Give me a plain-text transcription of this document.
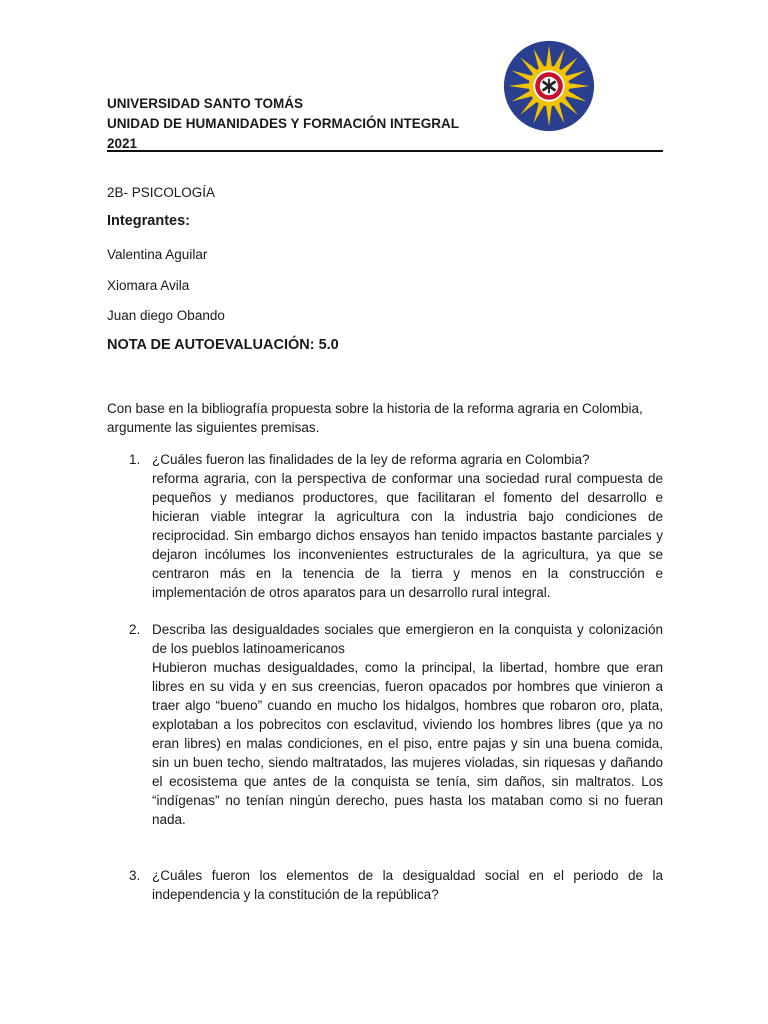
UNIVERSIDAD SANTO TOMÁS
UNIDAD DE HUMANIDADES Y FORMACIÓN INTEGRAL
2021
2B- PSICOLOGÍA
Integrantes:
Valentina Aguilar
Xiomara Avila
Juan diego Obando
NOTA DE AUTOEVALUACIÓN: 5.0
Con base en la bibliografía propuesta sobre la historia de la reforma agraria en Colombia, argumente las siguientes premisas.
1. ¿Cuáles fueron las finalidades de la ley de reforma agraria en Colombia?
reforma agraria, con la perspectiva de conformar una sociedad rural compuesta de pequeños y medianos productores, que facilitaran el fomento del desarrollo e hicieran viable integrar la agricultura con la industria bajo condiciones de reciprocidad. Sin embargo dichos ensayos han tenido impactos bastante parciales y dejaron incólumes los inconvenientes estructurales de la agricultura, ya que se centraron más en la tenencia de la tierra y menos en la construcción e implementación de otros aparatos para un desarrollo rural integral.
2. Describa las desigualdades sociales que emergieron en la conquista y colonización de los pueblos latinoamericanos
Hubieron muchas desigualdades, como la principal, la libertad, hombre que eran libres en su vida y en sus creencias, fueron opacados por hombres que vinieron a traer algo “bueno” cuando en mucho los hidalgos, hombres que robaron oro, plata, explotaban a los pobrecitos con esclavitud, viviendo los hombres libres (que ya no eran libres) en malas condiciones, en el piso, entre pajas y sin una buena comida, sin un buen techo, siendo maltratados, las mujeres violadas, sin riquesas y dañando el ecosistema que antes de la conquista se tenía, sim daños, sin maltratos. Los “indígenas” no tenían ningún derecho, pues hasta los mataban como si no fueran nada.
3. ¿Cuáles fueron los elementos de la desigualdad social en el periodo de la independencia y la constitución de la república?
